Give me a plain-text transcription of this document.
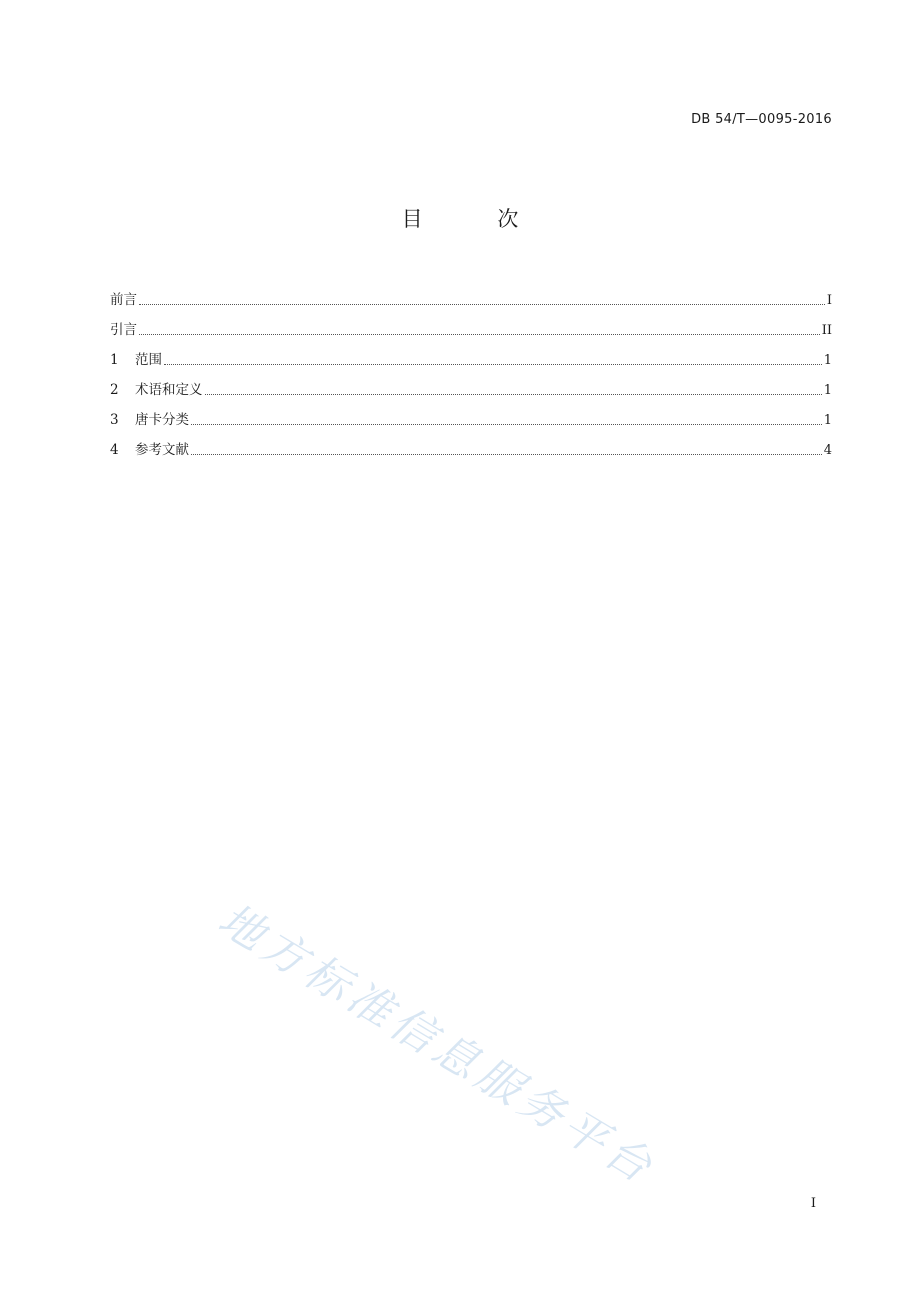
DB 54/T—0095-2016
目 次
前言	I
引言	II
1	范围	1
2	术语和定义	1
3	唐卡分类	1
4	参考文献	4
地方标准信息服务平台
I
